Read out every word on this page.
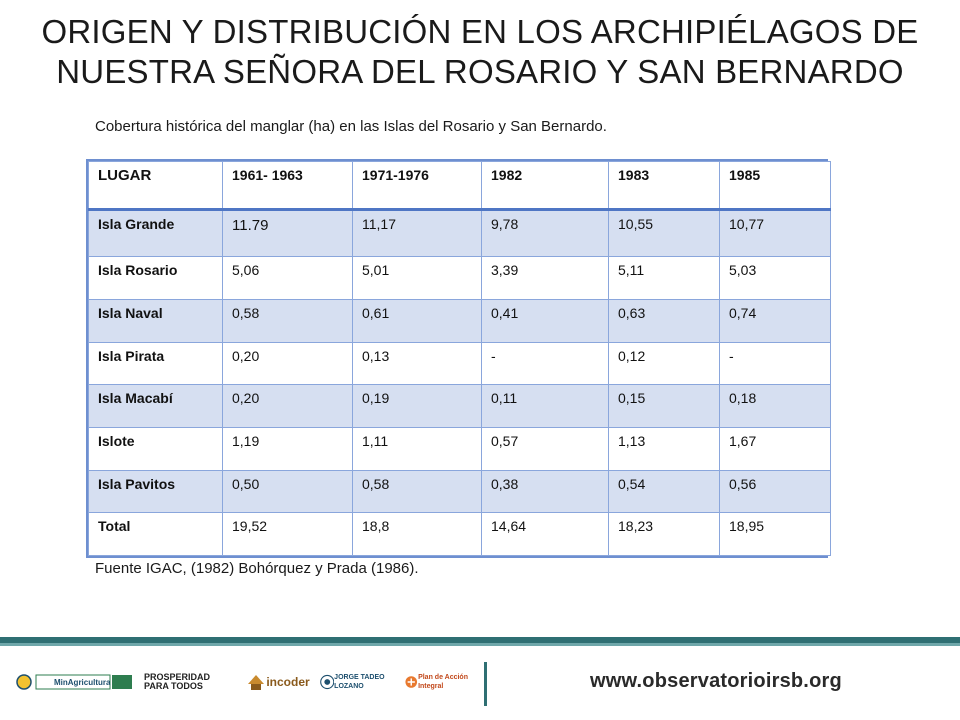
ORIGEN Y DISTRIBUCIÓN EN LOS ARCHIPIÉLAGOS DE
NUESTRA SEÑORA DEL ROSARIO Y SAN BERNARDO
Cobertura histórica del manglar (ha) en las Islas del Rosario y San Bernardo.
LUGAR	1961- 1963	1971-1976	1982	1983	1985
Isla Grande	11.79	11,17	9,78	10,55	10,77
Isla Rosario	5,06	5,01	3,39	5,11	5,03
Isla Naval	0,58	0,61	0,41	0,63	0,74
Isla Pirata	0,20	0,13	-	0,12	-
Isla Macabí	0,20	0,19	0,11	0,15	0,18
Islote	1,19	1,11	0,57	1,13	1,67
Isla Pavitos	0,50	0,58	0,38	0,54	0,56
Total	19,52	18,8	14,64	18,23	18,95
Fuente IGAC, (1982) Bohórquez y Prada (1986).
MinAgricultura	PROSPERIDAD PARA TODOS	incoder	JORGE TADEO LOZANO
Plan de Acción Integral	www.observatorioirsb.org
